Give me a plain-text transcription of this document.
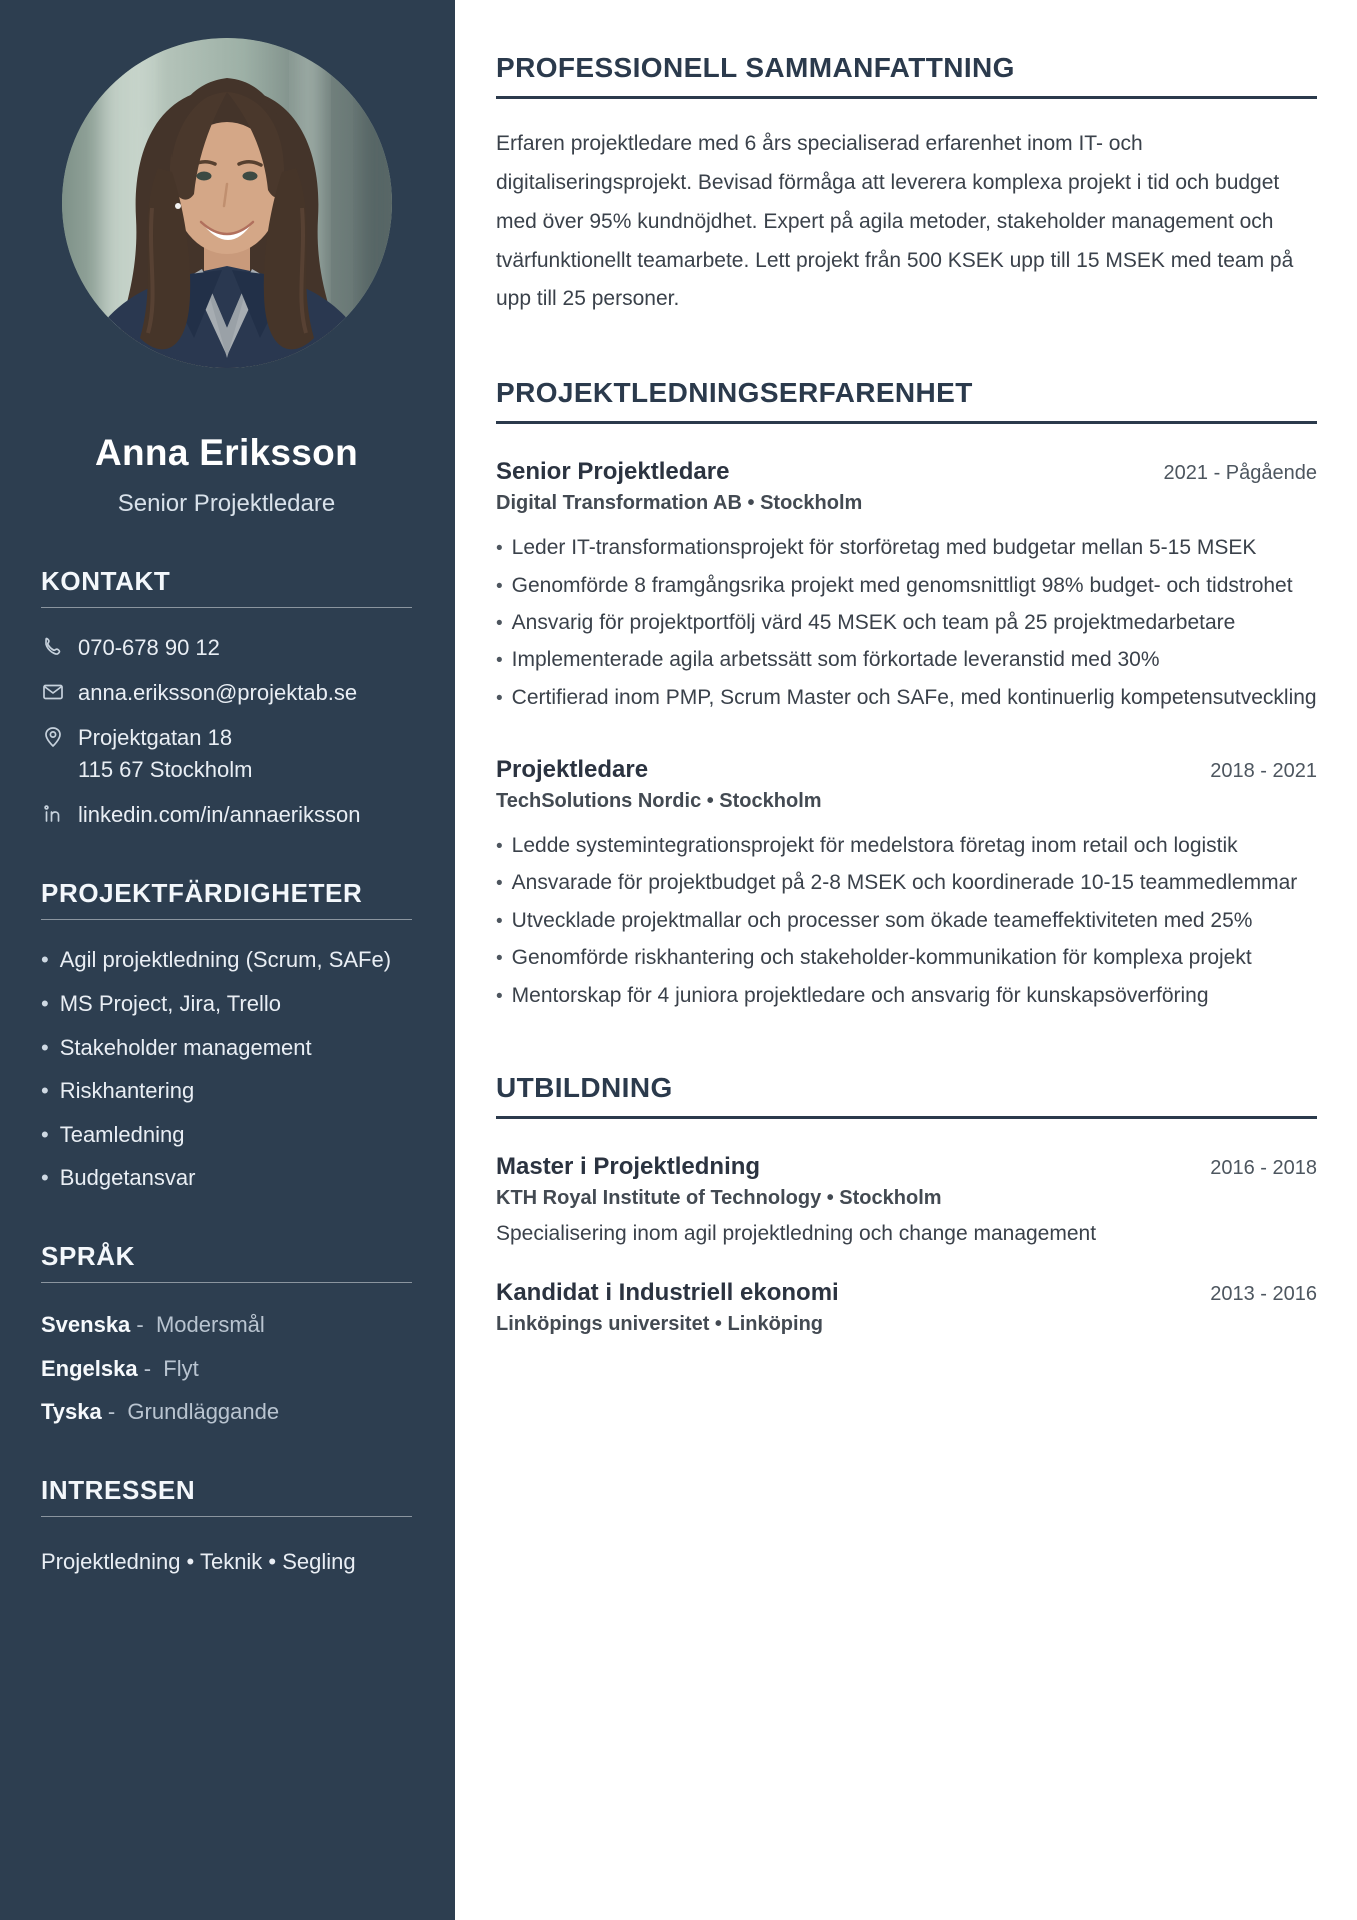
Anna Eriksson
Senior Projektledare
KONTAKT
070-678 90 12
anna.eriksson@projektab.se
Projektgatan 18
115 67 Stockholm
linkedin.com/in/annaeriksson
PROJEKTFÄRDIGHETER
• Agil projektledning (Scrum, SAFe)
• MS Project, Jira, Trello
• Stakeholder management
• Riskhantering
• Teamledning
• Budgetansvar
SPRÅK
Svenska -  Modersmål
Engelska -  Flyt
Tyska -  Grundläggande
INTRESSEN
Projektledning • Teknik • Segling
PROFESSIONELL SAMMANFATTNING

Erfaren projektledare med 6 års specialiserad erfarenhet inom IT- och digitaliseringsprojekt. Bevisad förmåga att leverera komplexa projekt i tid och budget med över 95% kundnöjdhet. Expert på agila metoder, stakeholder management och tvärfunktionellt teamarbete. Lett projekt från 500 KSEK upp till 15 MSEK med team på upp till 25 personer.

PROJEKTLEDNINGSERFARENHET
Senior Projektledare	2021 - Pågående
Digital Transformation AB • Stockholm
• Leder IT-transformationsprojekt för storföretag med budgetar mellan 5-15 MSEK
• Genomförde 8 framgångsrika projekt med genomsnittligt 98% budget- och tidstrohet
• Ansvarig för projektportfölj värd 45 MSEK och team på 25 projektmedarbetare
• Implementerade agila arbetssätt som förkortade leveranstid med 30%
• Certifierad inom PMP, Scrum Master och SAFe, med kontinuerlig kompetensutveckling
Projektledare	2018 - 2021
TechSolutions Nordic • Stockholm
• Ledde systemintegrationsprojekt för medelstora företag inom retail och logistik
• Ansvarade för projektbudget på 2-8 MSEK och koordinerade 10-15 teammedlemmar
• Utvecklade projektmallar och processer som ökade teameffektiviteten med 25%
• Genomförde riskhantering och stakeholder-kommunikation för komplexa projekt
• Mentorskap för 4 juniora projektledare och ansvarig för kunskapsöverföring
UTBILDNING
Master i Projektledning	2016 - 2018
KTH Royal Institute of Technology • Stockholm
Specialisering inom agil projektledning och change management
Kandidat i Industriell ekonomi	2013 - 2016
Linköpings universitet • Linköping
